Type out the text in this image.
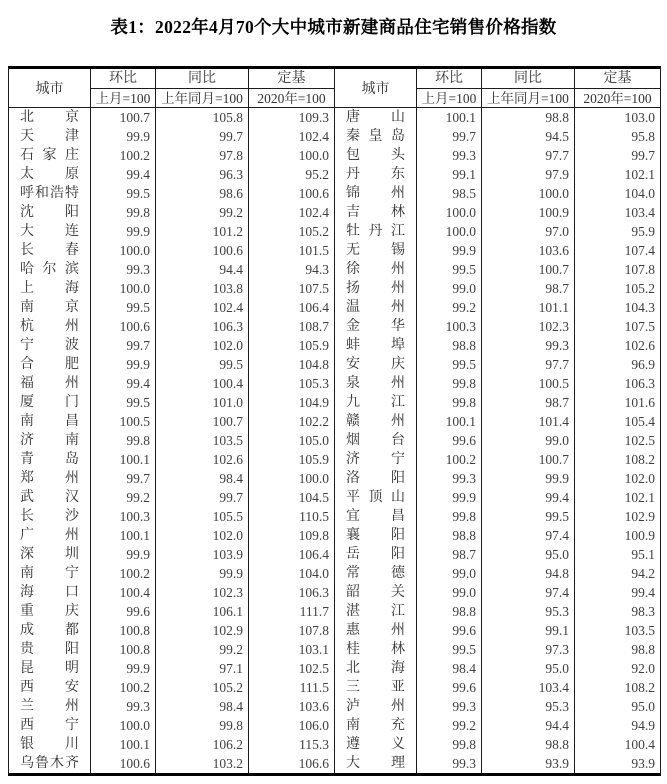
表1：2022年4月70个大中城市新建商品住宅销售价格指数
城市
环比	同比	定基
上月=100 上年同月=100	2020年=100
北京	100.7	105.8	109.3
天津	99.9	99.7	102.4
石家庄	100.2	97.8	100.0
太原	99.4	96.3	95.2
呼和浩特	99.5	98.6	100.6
沈阳	99.8	99.2	102.4
大连	99.9	101.2	105.2
长春	100.0	100.6	101.5
哈尔滨	99.3	94.4	94.3
上海	100.0	103.8	107.5
南京	99.5	102.4	106.4
杭州	100.6	106.3	108.7
宁波	99.7	102.0	105.9
合肥	99.9	99.5	104.8
福州	99.4	100.4	105.3
厦门	99.5	101.0	104.9
南昌	100.5	100.7	102.2
济南	99.8	103.5	105.0
青岛	100.1	102.6	105.9
郑州	99.7	98.4	100.0
武汉	99.2	99.7	104.5
长沙	100.3	105.5	110.5
广州	100.1	102.0	109.8
深圳	99.9	103.9	106.4
南宁	100.2	99.9	104.0
海口	100.4	102.3	106.3
重庆	99.6	106.1	111.7
成都	100.8	102.9	107.8
贵阳	100.8	99.2	103.1
昆明	99.9	97.1	102.5
西安	100.2	105.2	111.5
兰州	99.3	98.4	103.6
西宁	100.0	99.8	106.0
银川	100.1	106.2	115.3
乌鲁木齐	100.6	103.2	106.6
城市
环比	同比	定基
上月=100 上年同月=100	2020年=100
唐山	100.1	98.8	103.0
秦皇岛	99.7	94.5	95.8
包头	99.3	97.7	99.7
丹东	99.1	97.9	102.1
锦州	98.5	100.0	104.0
吉林	100.0	100.9	103.4
牡丹江	100.0	97.0	95.9
无锡	99.9	103.6	107.4
徐州	99.5	100.7	107.8
扬州	99.0	98.7	105.2
温州	99.2	101.1	104.3
金华	100.3	102.3	107.5
蚌埠	98.8	99.3	102.6
安庆	99.5	97.7	96.9
泉州	99.8	100.5	106.3
九江	99.8	98.7	101.6
赣州	100.1	101.4	105.4
烟台	99.6	99.0	102.5
济宁	100.2	100.7	108.2
洛阳	99.3	99.9	102.0
平顶山	99.9	99.4	102.1
宜昌	99.8	99.5	102.9
襄阳	98.8	97.4	100.9
岳阳	98.7	95.0	95.1
常德	99.0	94.8	94.2
韶关	99.0	97.4	99.4
湛江	98.8	95.3	98.3
惠州	99.6	99.1	103.5
桂林	99.5	97.3	98.8
北海	98.4	95.0	92.0
三亚	99.6	103.4	108.2
泸州	99.3	95.3	95.0
南充	99.2	94.4	94.9
遵义	99.8	98.8	100.4
大理	99.3	93.9	93.9
